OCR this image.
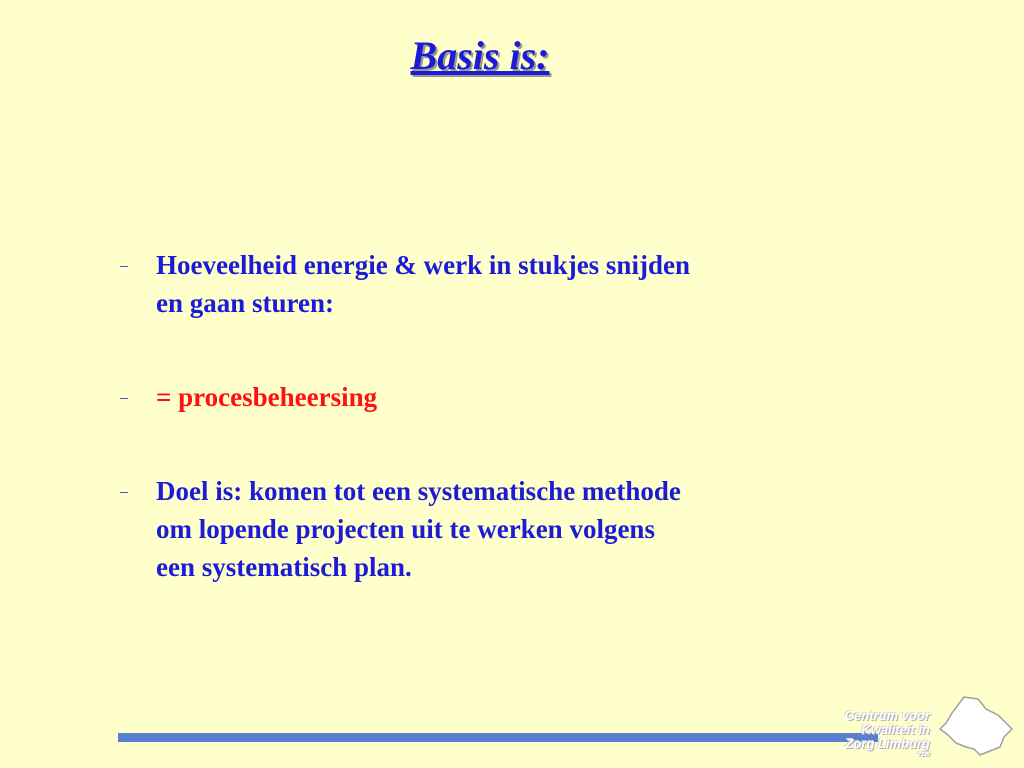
Basis is:
_ Hoeveelheid energie & werk in stukjes snijden
en gaan sturen:
_ = procesbeheersing
_ Doel is: komen tot een systematische methode
om lopende projecten uit te werken volgens
een systematisch plan.
Centrum voor
Kwaliteit in
Zorg Limburg
vzw
